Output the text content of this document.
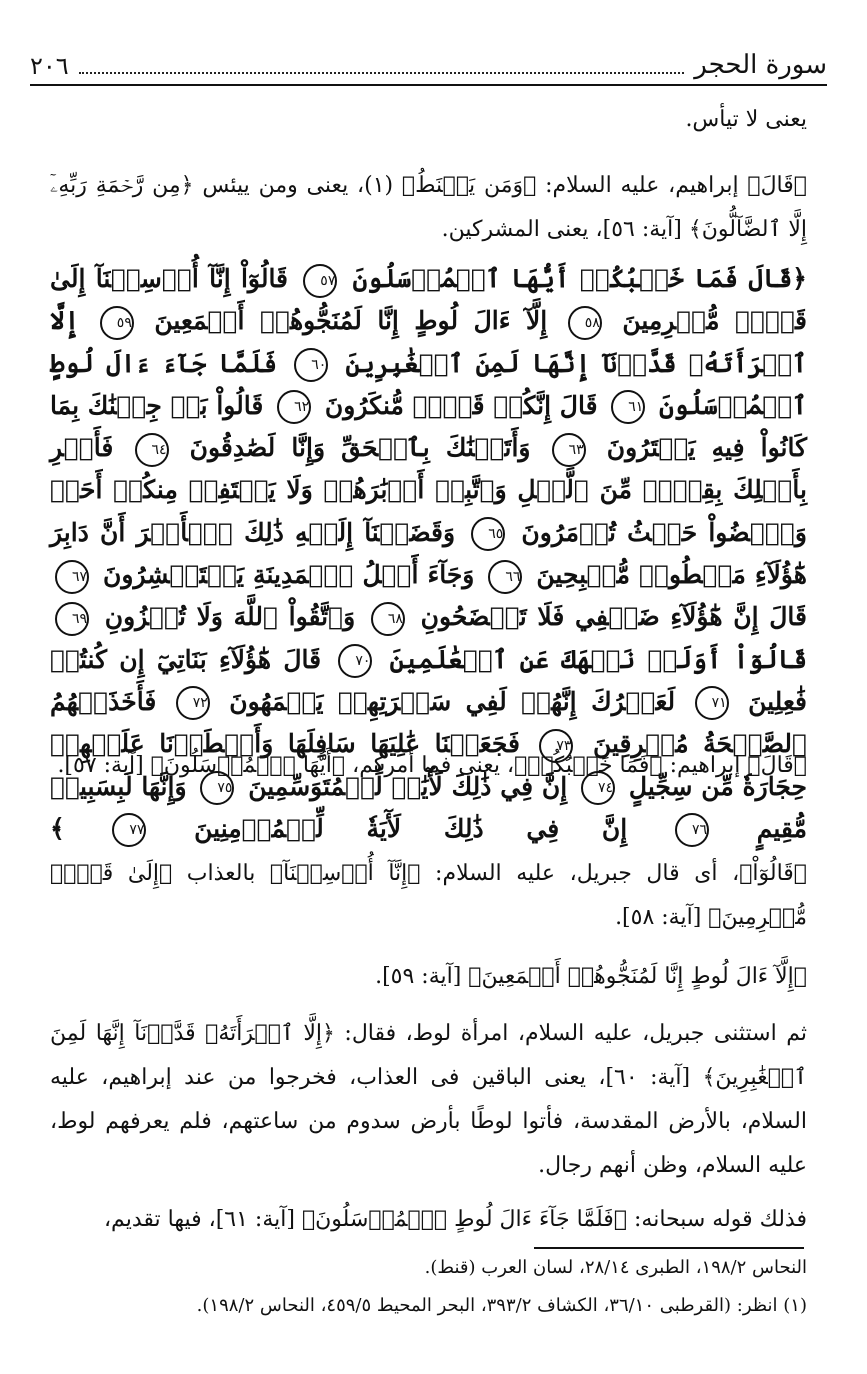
سورة الحجر
٢٠٦
يعنى لا تيأس.
﴿قَالَ﴾ إبراهيم، عليه السلام: ﴿وَمَن يَقۡنَطُ﴾ (١)، يعنى ومن ييئس ﴿مِن رَّحۡمَةِ رَبِّهِۦٓ إِلَّا ٱلضَّآلُّونَ﴾ [آية: ٥٦]، يعنى المشركين.
﴿قَالَ فَمَا خَطۡبُكُمۡ أَيُّهَا ٱلۡمُرۡسَلُونَ ٥٧ قَالُوٓاْ إِنَّآ أُرۡسِلۡنَآ إِلَىٰ قَوۡمٖ مُّجۡرِمِينَ ٥٨ إِلَّآ ءَالَ لُوطٍ إِنَّا لَمُنَجُّوهُمۡ أَجۡمَعِينَ ٥٩ إِلَّا ٱمۡرَأَتَهُۥ قَدَّرۡنَآ إِنَّهَا لَمِنَ ٱلۡغَٰبِرِينَ ٦٠ فَلَمَّا جَآءَ ءَالَ لُوطٍ ٱلۡمُرۡسَلُونَ ٦١ قَالَ إِنَّكُمۡ قَوۡمٞ مُّنكَرُونَ ٦٢ قَالُواْ بَلۡ جِئۡنَٰكَ بِمَا كَانُواْ فِيهِ يَمۡتَرُونَ ٦٣ وَأَتَيۡنَٰكَ بِٱلۡحَقِّ وَإِنَّا لَصَٰدِقُونَ ٦٤ فَأَسۡرِ بِأَهۡلِكَ بِقِطۡعٖ مِّنَ ٱلَّيۡلِ وَٱتَّبِعۡ أَدۡبَٰرَهُمۡ وَلَا يَلۡتَفِتۡ مِنكُمۡ أَحَدٞ وَٱمۡضُواْ حَيۡثُ تُؤۡمَرُونَ ٦٥ وَقَضَيۡنَآ إِلَيۡهِ ذَٰلِكَ ٱلۡأَمۡرَ أَنَّ دَابِرَ هَٰٓؤُلَآءِ مَقۡطُوعٞ مُّصۡبِحِينَ ٦٦ وَجَآءَ أَهۡلُ ٱلۡمَدِينَةِ يَسۡتَبۡشِرُونَ ٦٧ قَالَ إِنَّ هَٰٓؤُلَآءِ ضَيۡفِي فَلَا تَفۡضَحُونِ ٦٨ وَٱتَّقُواْ ٱللَّهَ وَلَا تُخۡزُونِ ٦٩ قَالُوٓاْ أَوَلَمۡ نَنۡهَكَ عَنِ ٱلۡعَٰلَمِينَ ٧٠ قَالَ هَٰٓؤُلَآءِ بَنَاتِيٓ إِن كُنتُمۡ فَٰعِلِينَ ٧١ لَعَمۡرُكَ إِنَّهُمۡ لَفِي سَكۡرَتِهِمۡ يَعۡمَهُونَ ٧٢ فَأَخَذَتۡهُمُ ٱلصَّيۡحَةُ مُشۡرِقِينَ ٧٣ فَجَعَلۡنَا عَٰلِيَهَا سَافِلَهَا وَأَمۡطَرۡنَا عَلَيۡهِمۡ حِجَارَةٗ مِّن سِجِّيلٍ ٧٤ إِنَّ فِي ذَٰلِكَ لَأٓيَٰتٖ لِّلۡمُتَوَسِّمِينَ ٧٥ وَإِنَّهَا لَبِسَبِيلٖ مُّقِيمٍ ٧٦ إِنَّ فِي ذَٰلِكَ لَأٓيَةٗ لِّلۡمُؤۡمِنِينَ ٧٧ ﴾
﴿قَالَ﴾ إبراهيم: ﴿فَمَا خَطۡبُكُمۡ﴾، يعنى فما أمركم، ﴿أَيُّهَا ٱلۡمُرۡسَلُونَ﴾ [آية: ٥٧].
﴿قَالُوٓاْ﴾، أى قال جبريل، عليه السلام: ﴿إِنَّآ أُرۡسِلۡنَآ﴾ بالعذاب ﴿إِلَىٰ قَوۡمٖ مُّجۡرِمِينَ﴾ [آية: ٥٨].
﴿إِلَّآ ءَالَ لُوطٍ إِنَّا لَمُنَجُّوهُمۡ أَجۡمَعِينَ﴾ [آية: ٥٩].
ثم استثنى جبريل، عليه السلام، امرأة لوط، فقال: ﴿إِلَّا ٱمۡرَأَتَهُۥ قَدَّرۡنَآ إِنَّهَا لَمِنَ ٱلۡغَٰبِرِينَ﴾ [آية: ٦٠]، يعنى الباقين فى العذاب، فخرجوا من عند إبراهيم، عليه السلام، بالأرض المقدسة، فأتوا لوطًا بأرض سدوم من ساعتهم، فلم يعرفهم لوط، عليه السلام، وظن أنهم رجال.
فذلك قوله سبحانه: ﴿فَلَمَّا جَآءَ ءَالَ لُوطٍ ٱلۡمُرۡسَلُونَ﴾ [آية: ٦١]، فيها تقديم،
النحاس ١٩٨/٢، الطبرى ٢٨/١٤، لسان العرب (قنط).
(١) انظر: (القرطبى ٣٦/١٠، الكشاف ٣٩٣/٢، البحر المحيط ٤٥٩/٥، النحاس ١٩٨/٢).
